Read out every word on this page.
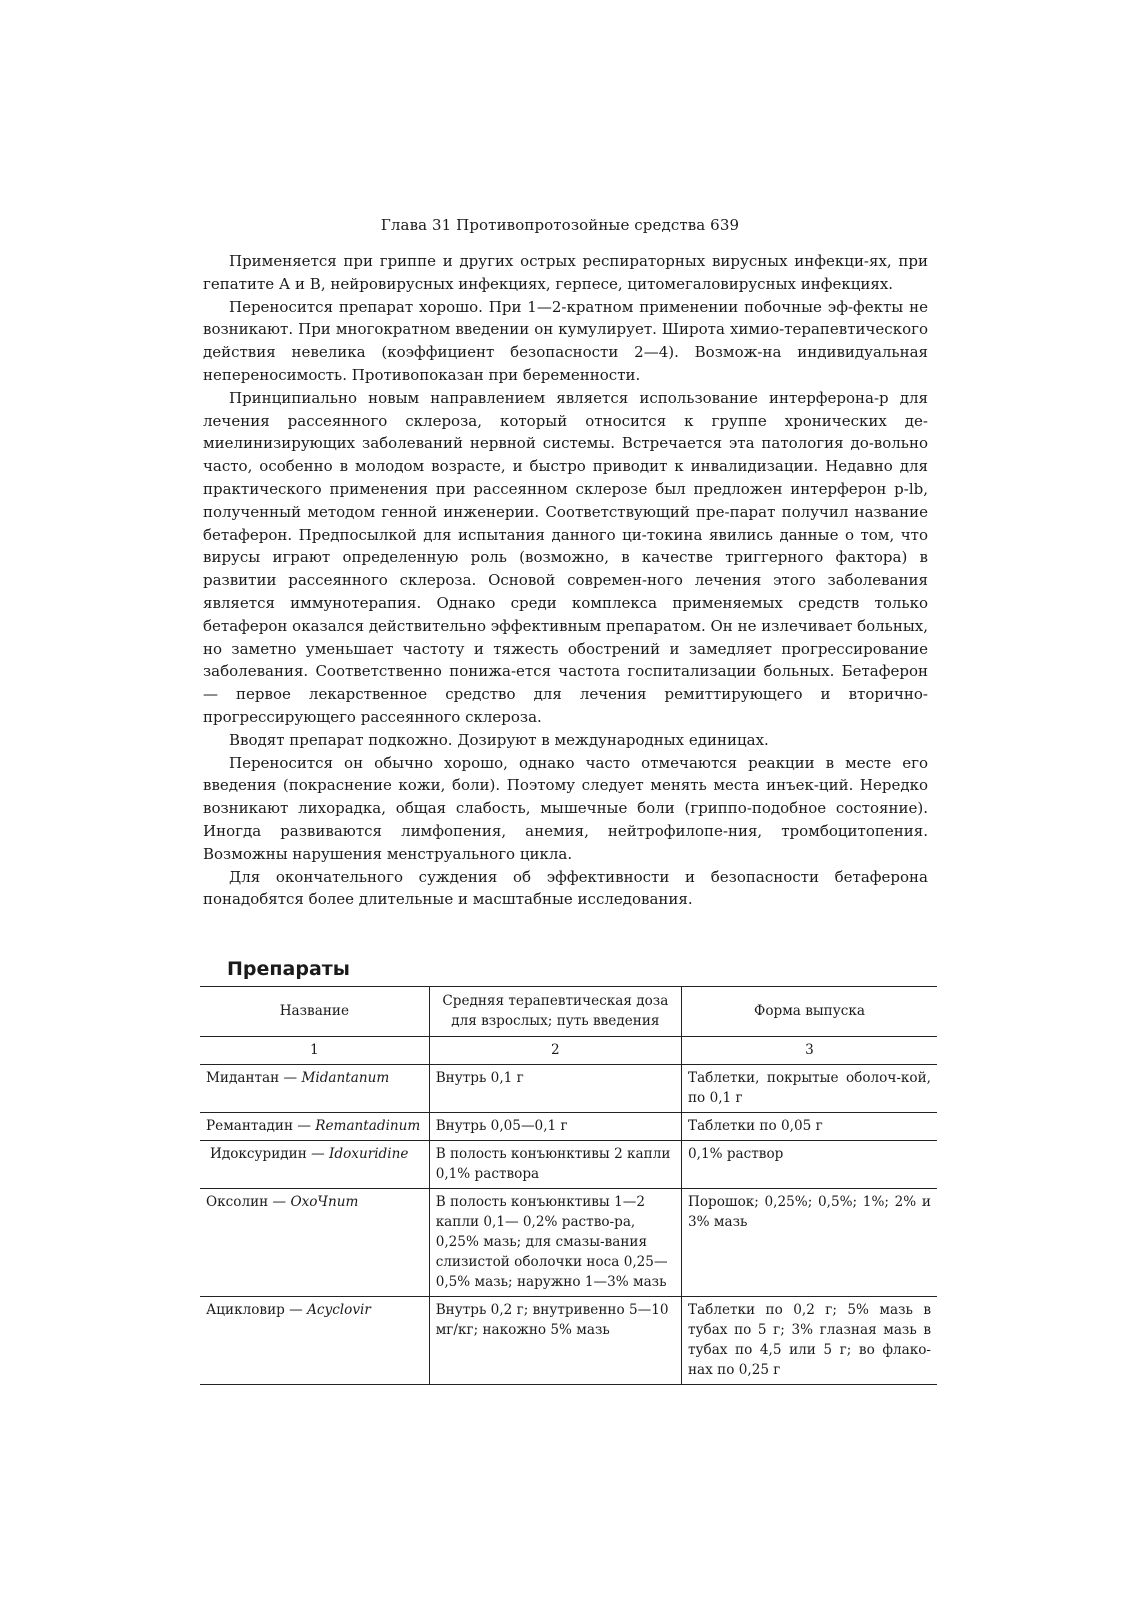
Глава 31 Противопротозойные средства 639

Применяется при гриппе и других острых респираторных вирусных инфекци-ях, при гепатите А и В, нейровирусных инфекциях, герпесе, цитомегаловирусных инфекциях.

Переносится препарат хорошо. При 1—2-кратном применении побочные эф-фекты не возникают. При многократном введении он кумулирует. Широта химио-терапевтического действия невелика (коэффициент безопасности 2—4). Возмож-на индивидуальная непереносимость. Противопоказан при беременности.

Принципиально новым направлением является использование интерферона-р для лечения рассеянного склероза, который относится к группе хронических де-миелинизирующих заболеваний нервной системы. Встречается эта патология до-вольно часто, особенно в молодом возрасте, и быстро приводит к инвалидизации. Недавно для практического применения при рассеянном склерозе был предложен интерферон p-lb, полученный методом генной инженерии. Соответствующий пре-парат получил название бетаферон. Предпосылкой для испытания данного ци-токина явились данные о том, что вирусы играют определенную роль (возможно, в качестве триггерного фактора) в развитии рассеянного склероза. Основой современ-ного лечения этого заболевания является иммунотерапия. Однако среди комплекса применяемых средств только бетаферон оказался действительно эффективным препаратом. Он не излечивает больных, но заметно уменьшает частоту и тяжесть обострений и замедляет прогрессирование заболевания. Соответственно понижа-ется частота госпитализации больных. Бетаферон — первое лекарственное средство для лечения ремиттирующего и вторично-прогрессирующего рассеянного склероза.

Вводят препарат подкожно. Дозируют в международных единицах.

Переносится он обычно хорошо, однако часто отмечаются реакции в месте его введения (покраснение кожи, боли). Поэтому следует менять места инъек-ций. Нередко возникают лихорадка, общая слабость, мышечные боли (гриппо-подобное состояние). Иногда развиваются лимфопения, анемия, нейтрофилопе-ния, тромбоцитопения. Возможны нарушения менструального цикла.

Для окончательного суждения об эффективности и безопасности бетаферона понадобятся более длительные и масштабные исследования.

Препараты
Название	Средняя терапевтическая доза для взрослых; путь введения	Форма выпуска
1	2	3
Мидантан — Midantanum	Внутрь 0,1 г	Таблетки, покрытые оболоч-кой, по 0,1 г
Ремантадин — Remantadinum	Внутрь 0,05—0,1 г	Таблетки по 0,05 г
Идоксуридин — Idoxuridine	В полость конъюнктивы 2 капли 0,1% раствора	0,1% раствор
Оксолин — ОхоЧпит	В полость конъюнктивы 1—2 капли 0,1— 0,2% раство-ра, 0,25% мазь; для смазы-вания слизистой оболочки носа 0,25—0,5% мазь; наружно 1—3% мазь	Порошок; 0,25%; 0,5%; 1%; 2% и 3% мазь
Ацикловир — Acyclovir	Внутрь 0,2 г; внутривенно 5—10 мг/кг; накожно 5% мазь	Таблетки по 0,2 г; 5% мазь в тубах по 5 г; 3% глазная мазь в тубах по 4,5 или 5 г; во флако-нах по 0,25 г
